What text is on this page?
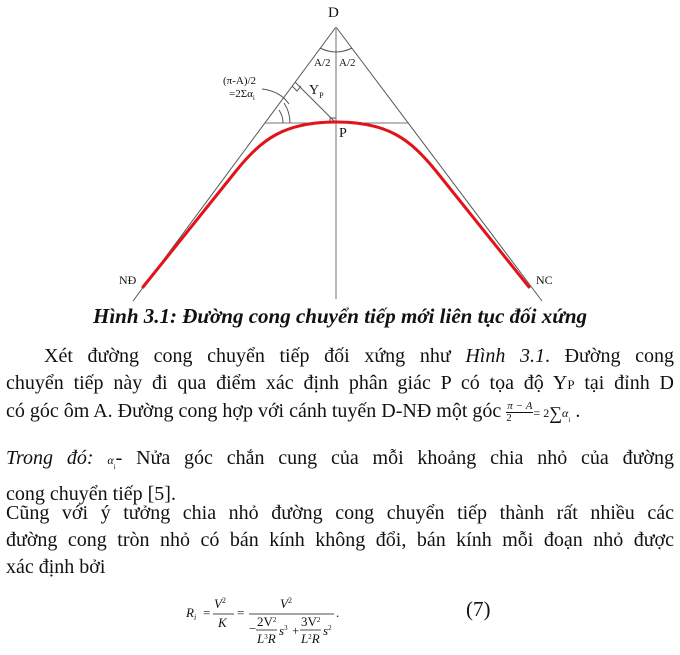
D
A/2 A/2
(π-A)/2
$=2\Sigma\alpha_i$
$Y_P$
P
NĐ	NC
Hình 3.1: Đường cong chuyển tiếp mới liên tục đối xứng
Xét đường cong chuyển tiếp đối xứng như Hình 3.1. Đường cong
chuyển tiếp này đi qua điểm xác định phân giác P có tọa độ YP tại đỉnh D
có góc ôm A. Đường cong hợp với cánh tuyến D-NĐ một góc $\frac{\pi - A}{2} = 2\sum\alpha_i$ .
Trong đó: $\alpha_i-$ Nửa góc chắn cung của mỗi khoảng chia nhỏ của đường
cong chuyển tiếp [5].
Cũng với ý tưởng chia nhỏ đường cong chuyển tiếp thành rất nhiều các
đường cong tròn nhỏ có bán kính không đổi, bán kính mỗi đoạn nhỏ được
xác định bởi
$R_i$ =
$V^2$
K
=
$V^2$
− $2V^2$
$L^3R$
$s^3$ +
$3V^2$
$L^2R$
$s^2$
.	(7)
